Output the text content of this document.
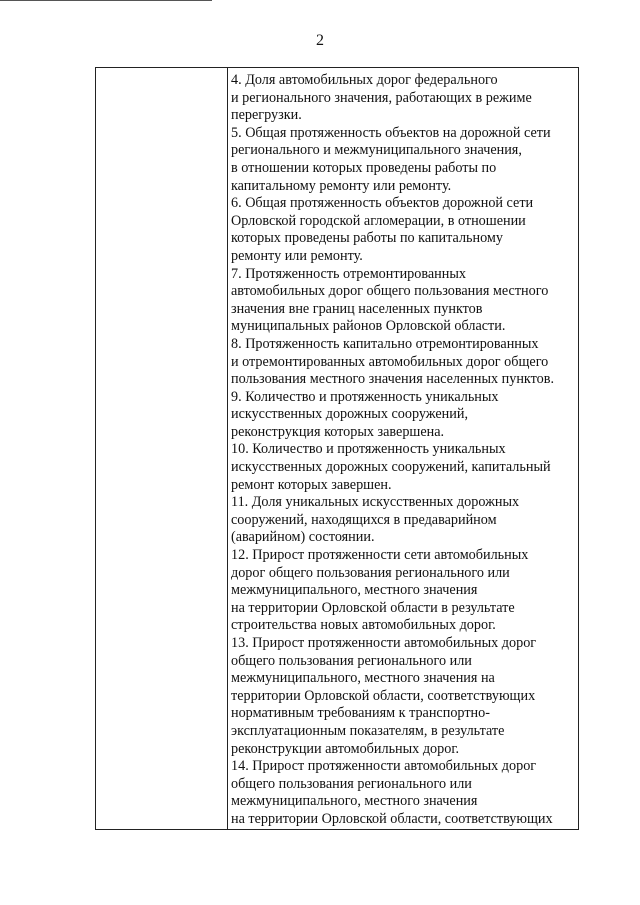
2

4. Доля автомобильных дорог федерального
и регионального значения, работающих в режиме
перегрузки.

5. Общая протяженность объектов на дорожной сети
регионального и межмуниципального значения,
в отношении которых проведены работы по
капитальному ремонту или ремонту.

6. Общая протяженность объектов дорожной сети
Орловской городской агломерации, в отношении
которых проведены работы по капитальному
ремонту или ремонту.

7. Протяженность отремонтированных
автомобильных дорог общего пользования местного
значения вне границ населенных пунктов
муниципальных районов Орловской области.

8. Протяженность капитально отремонтированных
и отремонтированных автомобильных дорог общего
пользования местного значения населенных пунктов.

9. Количество и протяженность уникальных
искусственных дорожных сооружений,
реконструкция которых завершена.

10. Количество и протяженность уникальных
искусственных дорожных сооружений, капитальный
ремонт которых завершен.

11. Доля уникальных искусственных дорожных
сооружений, находящихся в предаварийном
(аварийном) состоянии.

12. Прирост протяженности сети автомобильных
дорог общего пользования регионального или
межмуниципального, местного значения
на территории Орловской области в результате
строительства новых автомобильных дорог.

13. Прирост протяженности автомобильных дорог
общего пользования регионального или
межмуниципального, местного значения на
территории Орловской области, соответствующих
нормативным требованиям к транспортно-
эксплуатационным показателям, в результате
реконструкции автомобильных дорог.

14. Прирост протяженности автомобильных дорог
общего пользования регионального или
межмуниципального, местного значения
на территории Орловской области, соответствующих
